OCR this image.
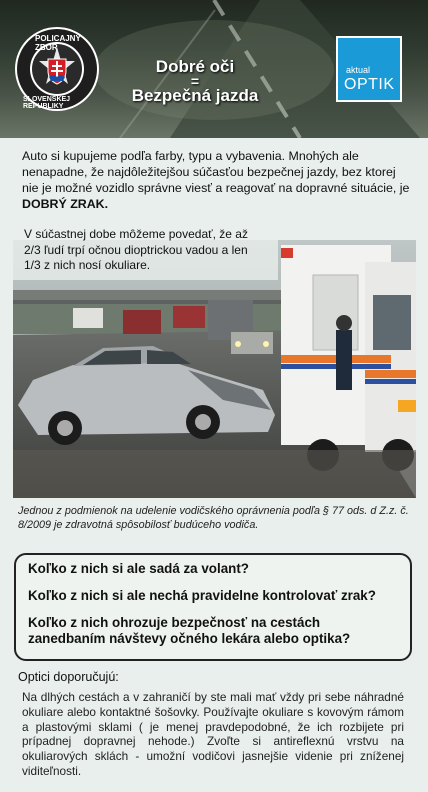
POLICAJNÝ ZBOR
SLOVENSKEJ REPUBLIKY
Dobré oči
=
Bezpečná jazda
aktual
OPTIK
Auto si kupujeme podľa farby, typu a vybavenia. Mnohých ale nenapadne, že najdôležitejšou súčasťou bezpečnej jazdy, bez ktorej nie je možné vozidlo správne viesť a reagovať na dopravné situácie, je DOBRÝ ZRAK.
V súčastnej dobe môžeme povedať, že až 2/3 ľudí trpí očnou dioptrickou vadou a len 1/3 z nich nosí okuliare.
Jednou z podmienok na udelenie vodičského oprávnenia podľa § 77 ods. d Z.z. č. 8/2009 je zdravotná spôsobilosť budúceho vodiča.

Koľko z nich si ale sadá za volant?

Koľko z nich si ale nechá pravidelne kontrolovať zrak?

Koľko z nich ohrozuje bezpečnosť na cestách zanedbaním návštevy očného lekára alebo optika?

Optici doporučujú:
Na dlhých cestách a v zahraničí by ste mali mať vždy pri sebe náhradné okuliare alebo kontaktné šošovky. Používajte okuliare s kovovým rámom a plastovými sklami ( je menej pravdepodobné, že ich rozbijete pri prípadnej dopravnej nehode.) Zvoľte si antireflexnú vrstvu na okuliarových sklách - umožní vodičovi jasnejšie videnie pri zníženej viditeľnosti.
